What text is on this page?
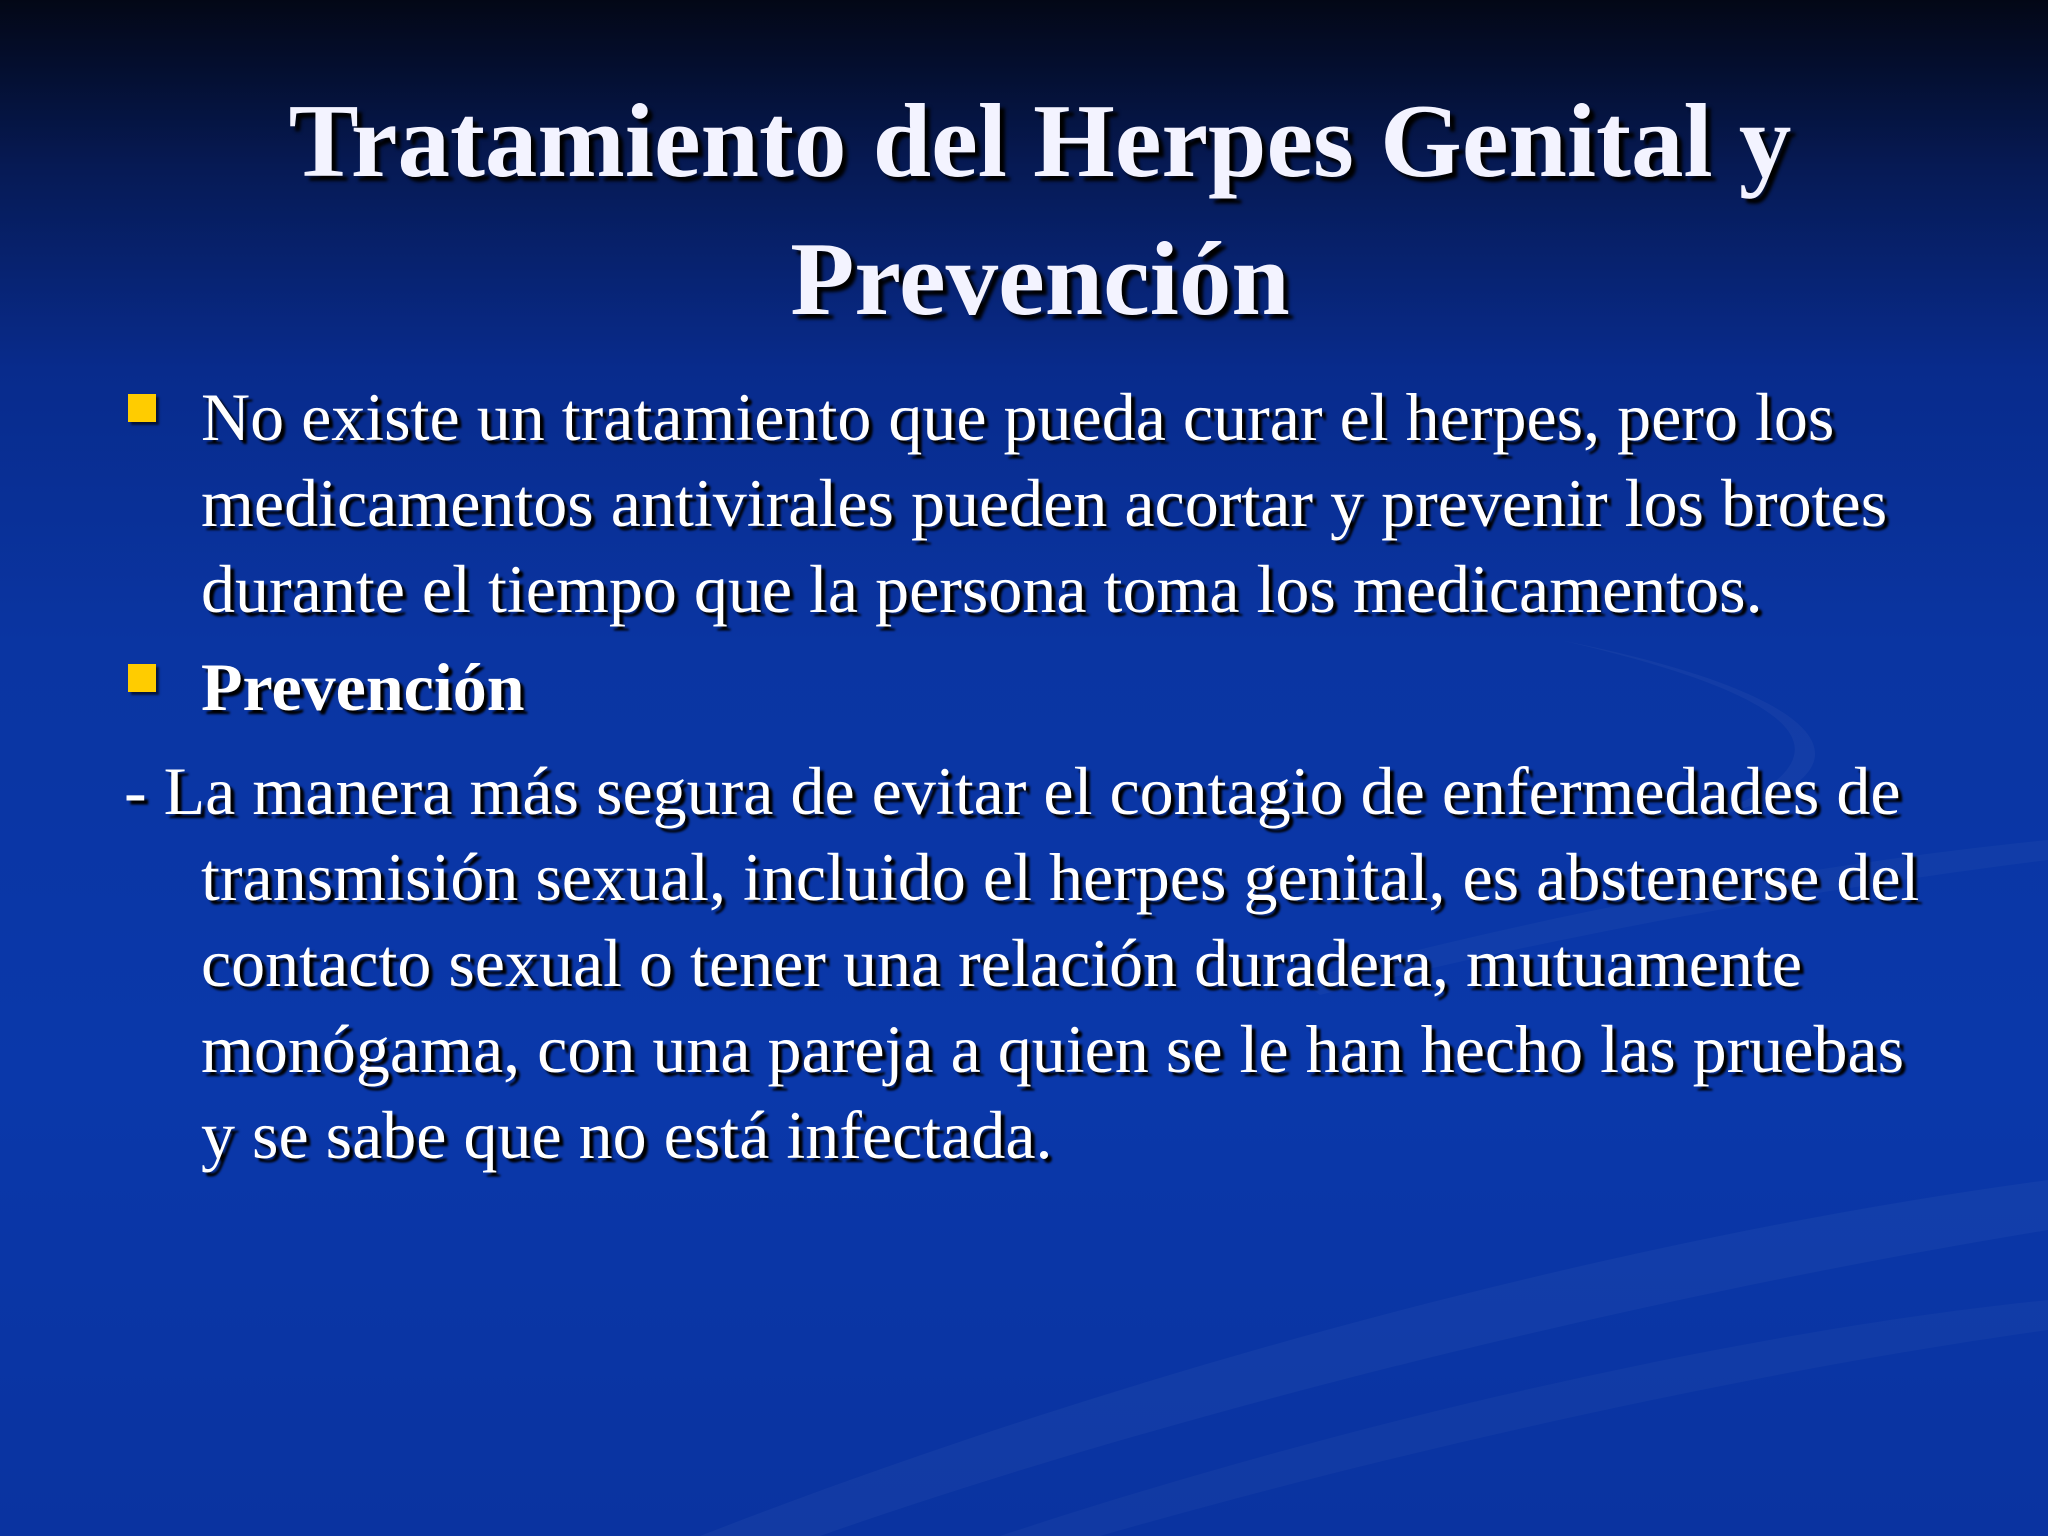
Tratamiento del Herpes Genital y Prevención
No existe un tratamiento que pueda curar el herpes, pero los medicamentos antivirales pueden acortar y prevenir los brotes durante el tiempo que la persona toma los medicamentos.
Prevención
- La manera más segura de evitar el contagio de enfermedades de transmisión sexual, incluido el herpes genital, es abstenerse del contacto sexual o tener una relación duradera, mutuamente monógama, con una pareja a quien se le han hecho las pruebas y se sabe que no está infectada.
